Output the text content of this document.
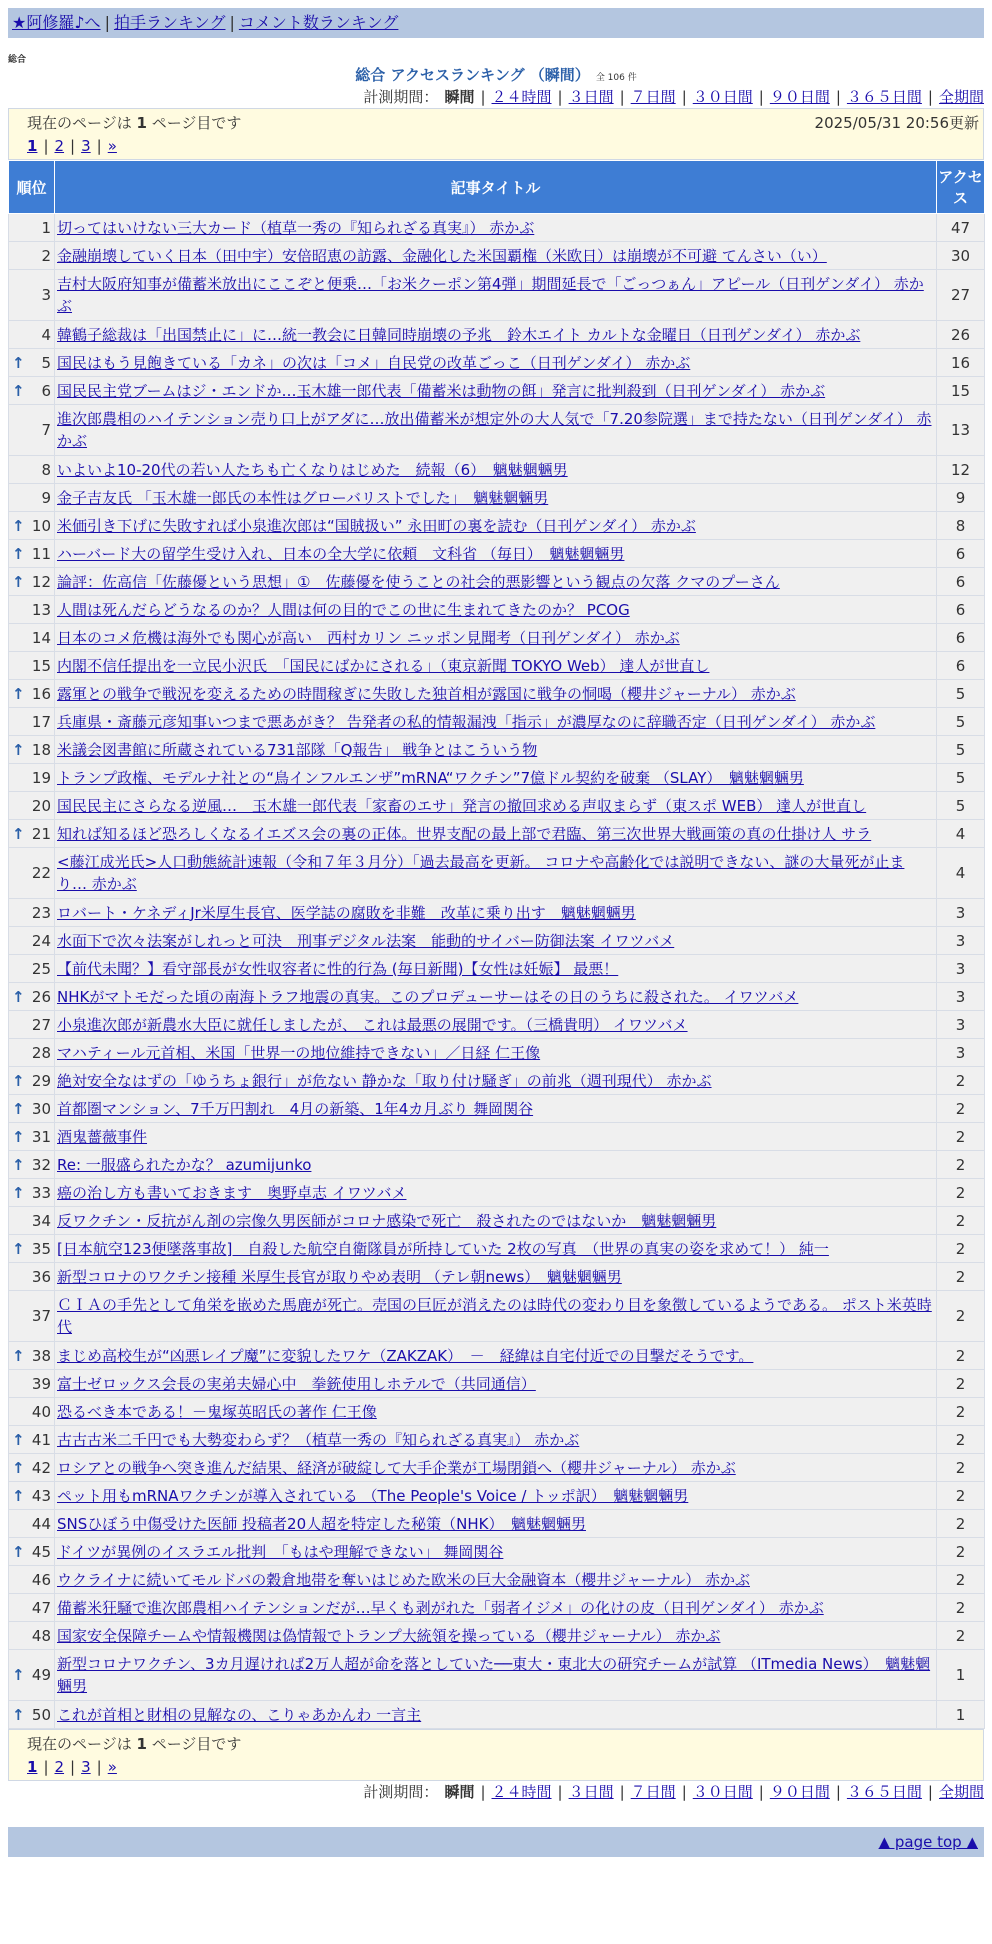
★阿修羅♪へ | 拍手ランキング | コメント数ランキング
総合
総合 アクセスランキング （瞬間） 全 106 件
計測期間： 瞬間 | ２４時間 | ３日間 | ７日間 | ３０日間 | ９０日間 | ３６５日間 | 全期間
現在のページは 1 ページ目です	2025/05/31 20:56更新
1 | 2 | 3 | »
順位	記事タイトル	アクセス
1	切ってはいけない三大カード（植草一秀の『知られざる真実』） 赤かぶ	47
2	金融崩壊していく日本（田中宇）安倍昭恵の訪露、金融化した米国覇権（米欧日）は崩壊が不可避 てんさい（い）	30
3	吉村大阪府知事が備蓄米放出にここぞと便乗…「お米クーポン第4弾」期間延長で「ごっつぁん」アピール（日刊ゲンダイ） 赤かぶ	27
4	韓鶴子総裁は「出国禁止に」に…統一教会に日韓同時崩壊の予兆　鈴木エイト カルトな金曜日（日刊ゲンダイ） 赤かぶ	26

↑ 5	国民はもう見飽きている「カネ」の次は「コメ」自民党の改革ごっこ（日刊ゲンダイ） 赤かぶ	16

↑ 6	国民民主党ブームはジ・エンドか…玉木雄一郎代表「備蓄米は動物の餌」発言に批判殺到（日刊ゲンダイ） 赤かぶ	15
7	進次郎農相のハイテンション売り口上がアダに…放出備蓄米が想定外の大人気で「7.20参院選」まで持たない（日刊ゲンダイ） 赤かぶ	13
8	いよいよ10-20代の若い人たちも亡くなりはじめた　続報（6）　魑魅魍魎男	12
9	金子吉友氏 「玉木雄一郎氏の本性はグローバリストでした」　魑魅魍魎男	9

↑ 10	米価引き下げに失敗すれば小泉進次郎は“国賊扱い” 永田町の裏を読む（日刊ゲンダイ） 赤かぶ	8

↑ 11	ハーバード大の留学生受け入れ、日本の全大学に依頼　文科省 （毎日）　魑魅魍魎男	6

↑ 12	論評：佐高信「佐藤優という思想」①　佐藤優を使うことの社会的悪影響という観点の欠落 クマのプーさん	6
13	人間は死んだらどうなるのか？人間は何の目的でこの世に生まれてきたのか？ PCOG	6
14	日本のコメ危機は海外でも関心が高い　西村カリン ニッポン見聞考（日刊ゲンダイ） 赤かぶ	6
15	内閣不信任提出を一立民小沢氏　「国民にばかにされる」（東京新聞 TOKYO Web） 達人が世直し	6

↑ 16	露軍との戦争で戦況を変えるための時間稼ぎに失敗した独首相が露国に戦争の恫喝（櫻井ジャーナル） 赤かぶ	5
17	兵庫県・斎藤元彦知事いつまで悪あがき？ 告発者の私的情報漏洩「指示」が濃厚なのに辞職否定（日刊ゲンダイ） 赤かぶ	5

↑ 18	米議会図書館に所蔵されている731部隊「Q報告」 戦争とはこういう物	5
19	トランプ政権、モデルナ社との“鳥インフルエンザ”mRNA“ワクチン”7億ドル契約を破棄 （SLAY）　魑魅魍魎男	5
20	国民民主にさらなる逆風…　玉木雄一郎代表「家畜のエサ」発言の撤回求める声収まらず（東スポ WEB） 達人が世直し	5

↑ 21	知れば知るほど恐ろしくなるイエズス会の裏の正体。世界支配の最上部で君臨、第三次世界大戦画策の真の仕掛け人 サラ	4
22	<藤江成光氏>人口動態統計速報（令和７年３月分）「過去最高を更新。 コロナや高齢化では説明できない、謎の大量死が止まり… 赤かぶ	4
23	ロバート・ケネディJr米厚生長官、医学誌の腐敗を非難　改革に乗り出す　魑魅魍魎男	3
24	水面下で次々法案がしれっと可決　刑事デジタル法案　能動的サイバー防御法案 イワツバメ	3
25	【前代未聞？】看守部長が女性収容者に性的行為 (毎日新聞)【女性は妊娠】 最悪！	3

↑ 26	NHKがマトモだった頃の南海トラフ地震の真実。このプロデューサーはその日のうちに殺された。 イワツバメ	3
27	小泉進次郎が新農水大臣に就任しましたが、 これは最悪の展開です。（三橋貴明） イワツバメ	3
28	マハティール元首相、米国「世界一の地位維持できない」／日経 仁王像	3

↑ 29	絶対安全なはずの「ゆうちょ銀行」が危ない 静かな「取り付け騒ぎ」の前兆（週刊現代） 赤かぶ	2

↑ 30	首都圏マンション、7千万円割れ　4月の新築、1年4カ月ぶり 舞岡関谷	2

↑ 31	酒鬼薔薇事件	2

↑ 32	Re: 一服盛られたかな？ azumijunko	2

↑ 33	癌の治し方も書いておきます　奥野卓志 イワツバメ	2
34	反ワクチン・反抗がん剤の宗像久男医師がコロナ感染で死亡　殺されたのではないか　魑魅魍魎男	2

↑ 35	[日本航空123便墜落事故]　自殺した航空自衛隊員が所持していた 2枚の写真　（世界の真実の姿を求めて！） 純一	2
36	新型コロナのワクチン接種 米厚生長官が取りやめ表明 （テレ朝news）　魑魅魍魎男	2
37	ＣＩＡの手先として角栄を嵌めた馬鹿が死亡。売国の巨匠が消えたのは時代の変わり目を象徴しているようである。 ポスト米英時代	2

↑ 38	まじめ高校生が“凶悪レイプ魔”に変貌したワケ（ZAKZAK）　－　経緯は自宅付近での目撃だそうです。	2
39	富士ゼロックス会長の実弟夫婦心中　拳銃使用しホテルで（共同通信）	2
40	恐るべき本である！－鬼塚英昭氏の著作 仁王像	2

↑ 41	古古古米二千円でも大勢変わらず？（植草一秀の『知られざる真実』） 赤かぶ	2

↑ 42	ロシアとの戦争へ突き進んだ結果、経済が破綻して大手企業が工場閉鎖へ（櫻井ジャーナル） 赤かぶ	2

↑ 43	ペット用もmRNAワクチンが導入されている （The People's Voice / トッポ訳）　魑魅魍魎男	2
44	SNSひぼう中傷受けた医師 投稿者20人超を特定した秘策（NHK）　魑魅魍魎男	2

↑ 45	ドイツが異例のイスラエル批判　「もはや理解できない」 舞岡関谷	2
46	ウクライナに続いてモルドバの穀倉地帯を奪いはじめた欧米の巨大金融資本（櫻井ジャーナル） 赤かぶ	2
47	備蓄米狂騒で進次郎農相ハイテンションだが…早くも剥がれた「弱者イジメ」の化けの皮（日刊ゲンダイ） 赤かぶ	2
48	国家安全保障チームや情報機関は偽情報でトランプ大統領を操っている（櫻井ジャーナル） 赤かぶ	2

↑ 49	新型コロナワクチン、3カ月遅ければ2万人超が命を落としていた──東大・東北大の研究チームが試算 （ITmedia News）　魑魅魍魎男	1

↑ 50	これが首相と財相の見解なの、こりゃあかんわ 一言主	1
現在のページは 1 ページ目です
1 | 2 | 3 | »
計測期間： 瞬間 | ２４時間 | ３日間 | ７日間 | ３０日間 | ９０日間 | ３６５日間 | 全期間
▲ page top ▲
